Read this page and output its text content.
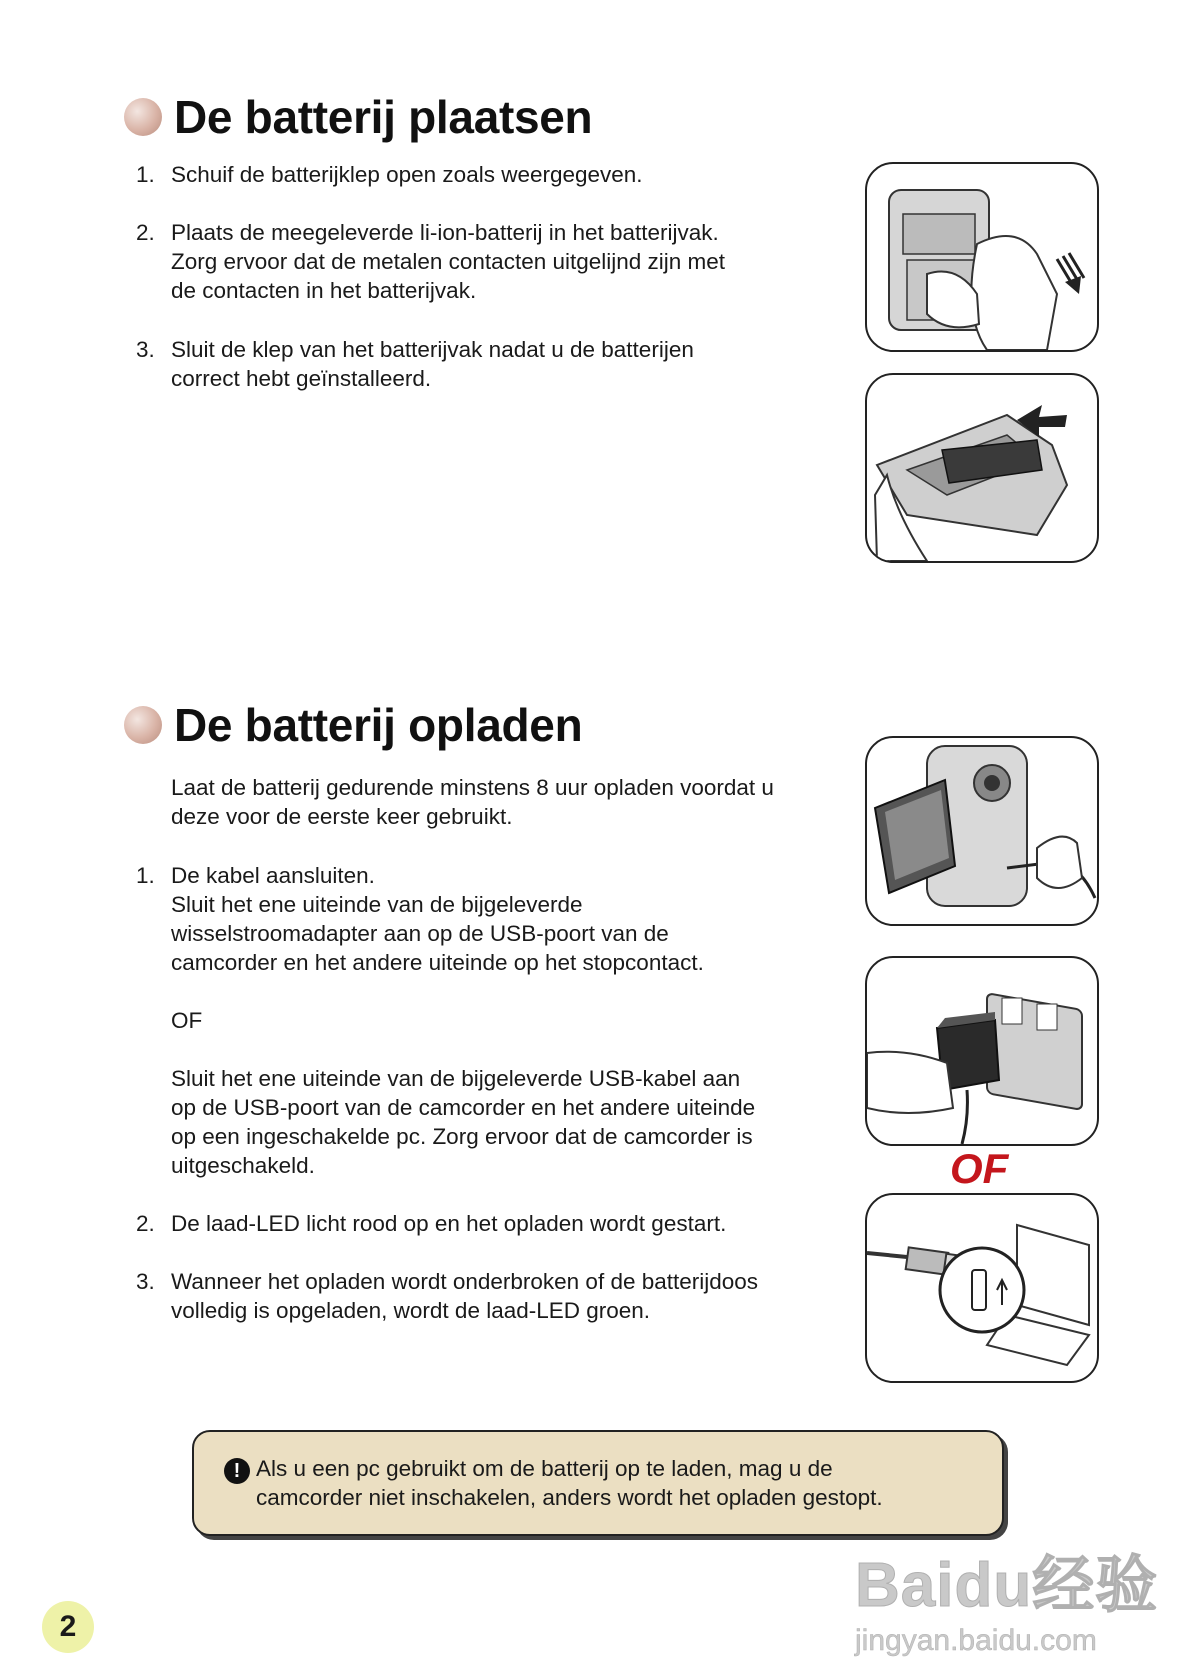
De batterij plaatsen
1. Schuif de batterijklep open zoals weergegeven.
2. Plaats de meegeleverde li-ion-batterij in het batterijvak.
Zorg ervoor dat de metalen contacten uitgelijnd zijn met
de contacten in het batterijvak.
3. Sluit de klep van het batterijvak nadat u de batterijen
correct hebt geïnstalleerd.
De batterij opladen
Laat de batterij gedurende minstens 8 uur opladen voordat u
deze voor de eerste keer gebruikt.
1. De kabel aansluiten.
Sluit het ene uiteinde van de bijgeleverde
wisselstroomadapter aan op de USB-poort van de
camcorder en het andere uiteinde op het stopcontact.
OF
Sluit het ene uiteinde van de bijgeleverde USB-kabel aan
op de USB-poort van de camcorder en het andere uiteinde
op een ingeschakelde pc. Zorg ervoor dat de camcorder is
uitgeschakeld.
2. De laad-LED licht rood op en het opladen wordt gestart.
3. Wanneer het opladen wordt onderbroken of de batterijdoos
volledig is opgeladen, wordt de laad-LED groen.
OF
! Als u een pc gebruikt om de batterij op te laden, mag u de
camcorder niet inschakelen, anders wordt het opladen gestopt.
2
Baidu经验
jingyan.baidu.com
